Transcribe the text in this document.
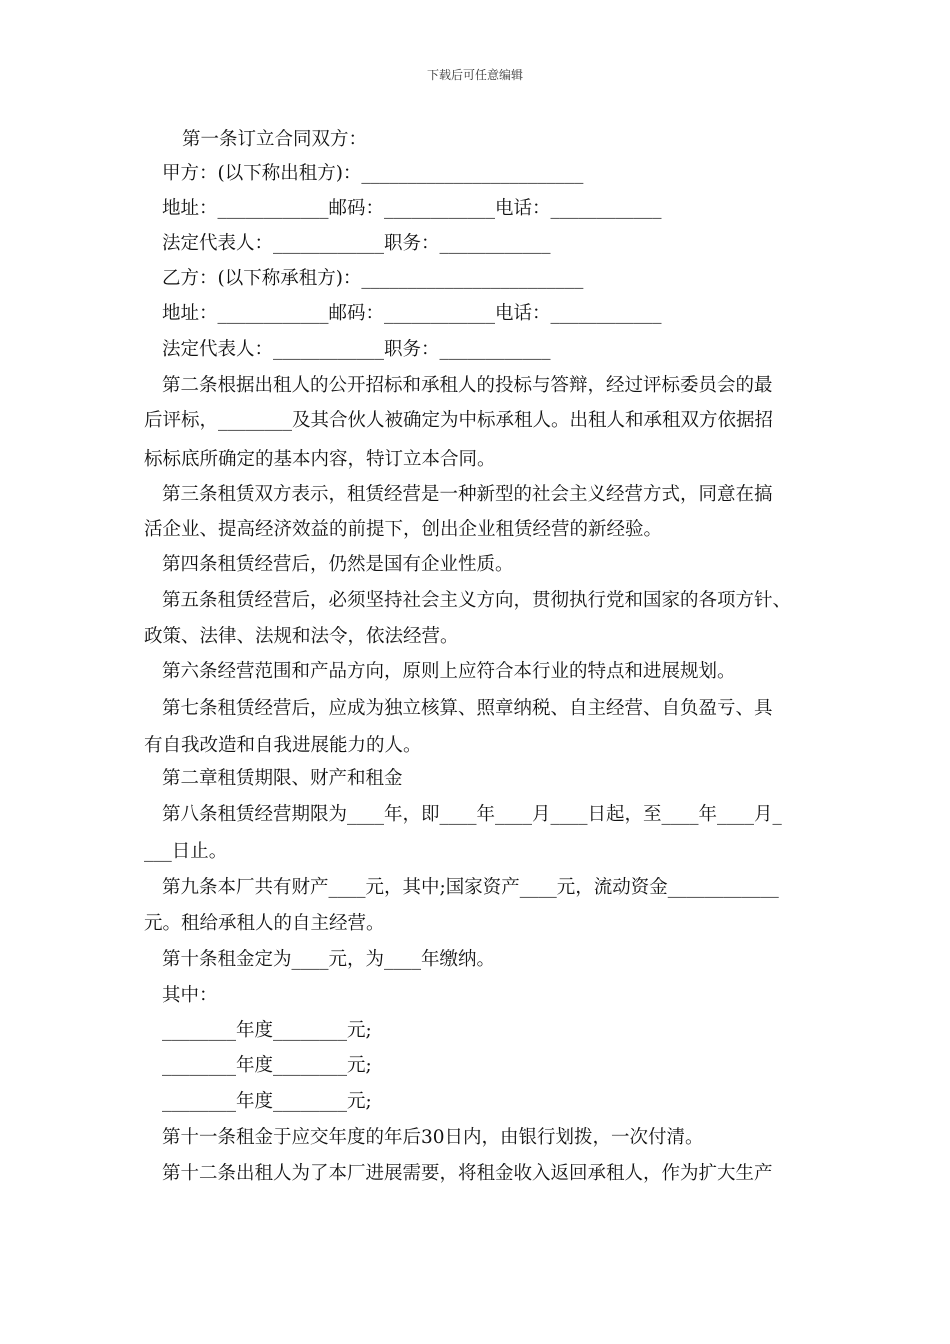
下载后可任意编辑
第一条订立合同双方：
甲方：(以下称出租方)：________________________
地址：____________邮码：____________电话：____________
法定代表人：____________职务：____________
乙方：(以下称承租方)：________________________
地址：____________邮码：____________电话：____________
法定代表人：____________职务：____________
第二条根据出租人的公开招标和承租人的投标与答辩，经过评标委员会的最
后评标，________及其合伙人被确定为中标承租人。出租人和承租双方依据招
标标底所确定的基本内容，特订立本合同。
第三条租赁双方表示，租赁经营是一种新型的社会主义经营方式，同意在搞
活企业、提高经济效益的前提下，创出企业租赁经营的新经验。
第四条租赁经营后，仍然是国有企业性质。
第五条租赁经营后，必须坚持社会主义方向，贯彻执行党和国家的各项方针、
政策、法律、法规和法令，依法经营。
第六条经营范围和产品方向，原则上应符合本行业的特点和进展规划。
第七条租赁经营后，应成为独立核算、照章纳税、自主经营、自负盈亏、具
有自我改造和自我进展能力的人。
第二章租赁期限、财产和租金
第八条租赁经营期限为____年，即____年____月____日起，至____年____月_
___日止。
第九条本厂共有财产____元，其中;国家资产____元，流动资金____________
元。租给承租人的自主经营。
第十条租金定为____元，为____年缴纳。
其中：
________年度________元;
________年度________元;
________年度________元;
第十一条租金于应交年度的年后30日内，由银行划拨，一次付清。
第十二条出租人为了本厂进展需要，将租金收入返回承租人，作为扩大生产
